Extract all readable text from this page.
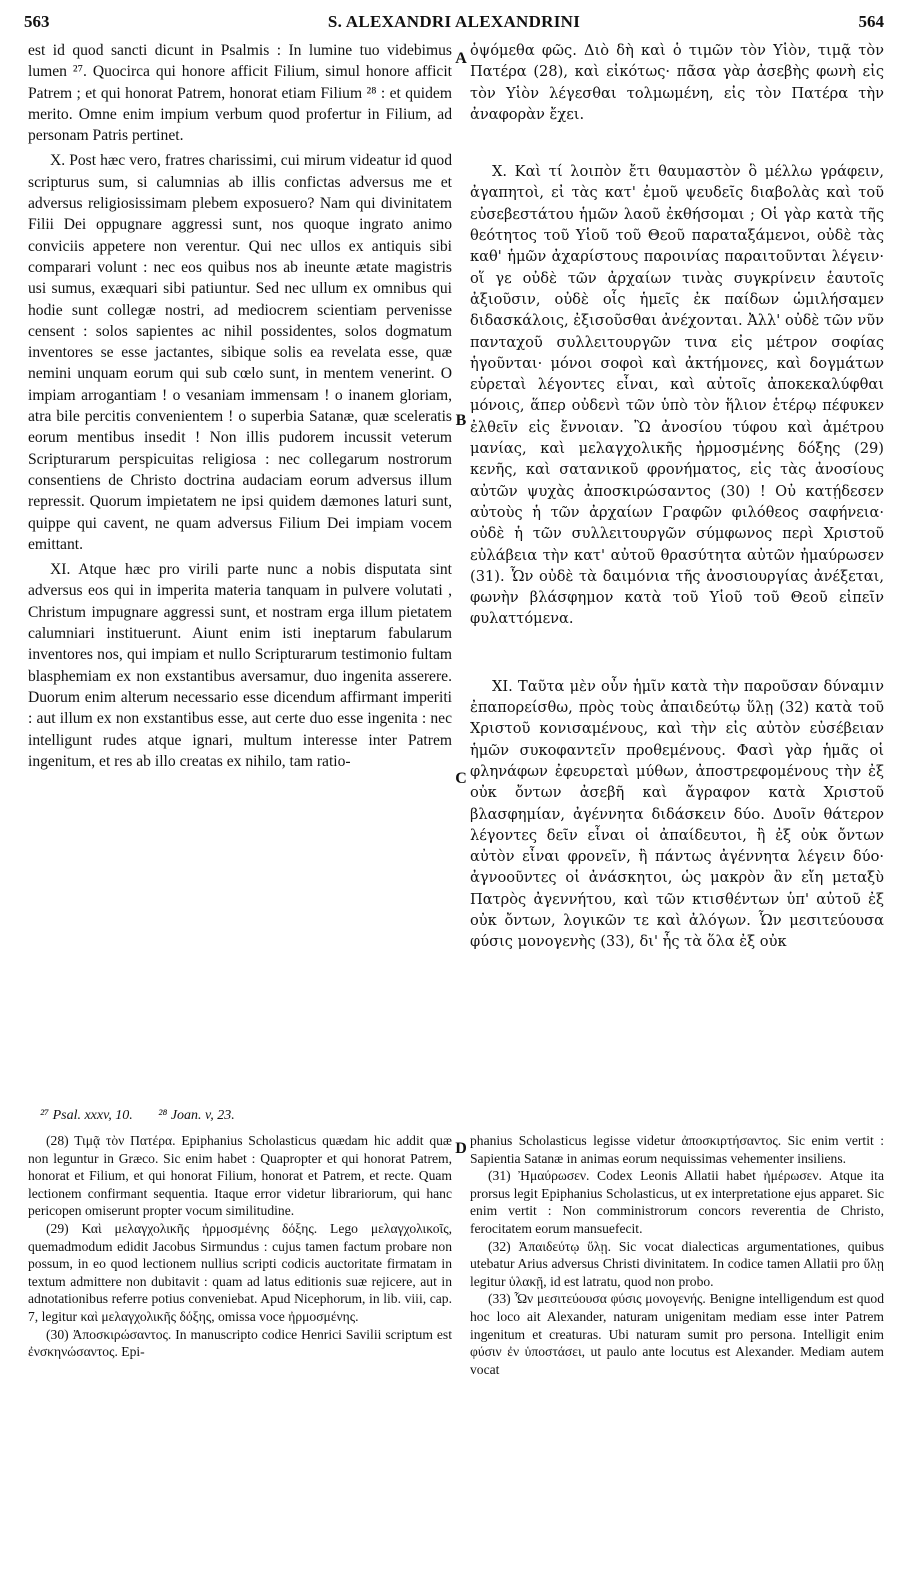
563	S. ALEXANDRI ALEXANDRINI	564

est id quod sancti dicunt in Psalmis : In lumine tuo videbimus lumen ²⁷. Quocirca qui honore afficit Filium, simul honore afficit Patrem ; et qui honorat Patrem, honorat etiam Filium ²⁸ : et quidem merito. Omne enim impium verbum quod profertur in Filium, ad personam Patris pertinet.

X. Post hæc vero, fratres charissimi, cui mirum videatur id quod scripturus sum, si calumnias ab illis confictas adversus me et adversus religiosissimam plebem exposuero? Nam qui divinitatem Filii Dei oppugnare aggressi sunt, nos quoque ingrato animo conviciis appetere non verentur. Qui nec ullos ex antiquis sibi comparari volunt : nec eos quibus nos ab ineunte ætate magistris usi sumus, exæquari sibi patiuntur. Sed nec ullum ex omnibus qui hodie sunt collegæ nostri, ad mediocrem scientiam pervenisse censent : solos sapientes ac nihil possidentes, solos dogmatum inventores se esse jactantes, sibique solis ea revelata esse, quæ nemini unquam eorum qui sub cœlo sunt, in mentem venerint. O impiam arrogantiam ! o vesaniam immensam ! o inanem gloriam, atra bile percitis convenientem ! o superbia Satanæ, quæ sceleratis eorum mentibus insedit ! Non illis pudorem incussit veterum Scripturarum perspicuitas religiosa : nec collegarum nostrorum consentiens de Christo doctrina audaciam eorum adversus illum repressit. Quorum impietatem ne ipsi quidem dæmones laturi sunt, quippe qui cavent, ne quam adversus Filium Dei impiam vocem emittant.

XI. Atque hæc pro virili parte nunc a nobis disputata sint adversus eos qui in imperita materia tanquam in pulvere volutati , Christum impugnare aggressi sunt, et nostram erga illum pietatem calumniari instituerunt. Aiunt enim isti ineptarum fabularum inventores nos, qui impiam et nullo Scripturarum testimonio fultam blasphemiam ex non exstantibus aversamur, duo ingenita asserere. Duorum enim alterum necessario esse dicendum affirmant imperiti : aut illum ex non exstantibus esse, aut certe duo esse ingenita : nec intelligunt rudes atque ignari, multum interesse inter Patrem ingenitum, et res ab illo creatas ex nihilo, tam ratio-

A
B
C
D

ὀψόμεθα φῶς. Διὸ δὴ καὶ ὁ τιμῶν τὸν Υἱὸν, τιμᾷ τὸν Πατέρα (28), καὶ εἰκότως· πᾶσα γὰρ ἀσεβὴς φωνὴ εἰς τὸν Υἱὸν λέγεσθαι τολμωμένη, εἰς τὸν Πατέρα τὴν ἀναφορὰν ἔχει.

X. Καὶ τί λοιπὸν ἔτι θαυμαστὸν ὃ μέλλω γράφειν, ἀγαπητοὶ, εἰ τὰς κατ' ἐμοῦ ψευδεῖς διαβολὰς καὶ τοῦ εὐσεβεστάτου ἡμῶν λαοῦ ἐκθήσομαι ; Οἱ γὰρ κατὰ τῆς θεότητος τοῦ Υἱοῦ τοῦ Θεοῦ παραταξάμενοι, οὐδὲ τὰς καθ' ἡμῶν ἀχαρίστους παροινίας παραιτοῦνται λέγειν· οἵ γε οὐδὲ τῶν ἀρχαίων τινὰς συγκρίνειν ἑαυτοῖς ἀξιοῦσιν, οὐδὲ οἷς ἡμεῖς ἐκ παίδων ὡμιλήσαμεν διδασκάλοις, ἐξισοῦσθαι ἀνέχονται. Ἀλλ' οὐδὲ τῶν νῦν πανταχοῦ συλλειτουργῶν τινα εἰς μέτρον σοφίας ἡγοῦνται· μόνοι σοφοὶ καὶ ἀκτήμονες, καὶ δογμάτων εὑρεταὶ λέγοντες εἶναι, καὶ αὐτοῖς ἀποκεκαλύφθαι μόνοις, ἅπερ οὐδενὶ τῶν ὑπὸ τὸν ἥλιον ἑτέρῳ πέφυκεν ἐλθεῖν εἰς ἔννοιαν. Ὢ ἀνοσίου τύφου καὶ ἀμέτρου μανίας, καὶ μελαγχολικῆς ἠρμοσμένης δόξης (29) κενῆς, καὶ σατανικοῦ φρονήματος, εἰς τὰς ἀνοσίους αὐτῶν ψυχὰς ἀποσκιρώσαντος (30) ! Οὐ κατῄδεσεν αὐτοὺς ἡ τῶν ἀρχαίων Γραφῶν φιλόθεος σαφήνεια· οὐδὲ ἡ τῶν συλλειτουργῶν σύμφωνος περὶ Χριστοῦ εὐλάβεια τὴν κατ' αὐτοῦ θρασύτητα αὐτῶν ἠμαύρωσεν (31). Ὧν οὐδὲ τὰ δαιμόνια τῆς ἀνοσιουργίας ἀνέξεται, φωνὴν βλάσφημον κατὰ τοῦ Υἱοῦ τοῦ Θεοῦ εἰπεῖν φυλαττόμενα.

XI. Ταῦτα μὲν οὖν ἡμῖν κατὰ τὴν παροῦσαν δύναμιν ἐπαπορείσθω, πρὸς τοὺς ἀπαιδεύτῳ ὕλῃ (32) κατὰ τοῦ Χριστοῦ κονισαμένους, καὶ τὴν εἰς αὐτὸν εὐσέβειαν ἡμῶν συκοφαντεῖν προθεμένους. Φασὶ γὰρ ἡμᾶς οἱ φληνάφων ἐφευρεταὶ μύθων, ἀποστρεφομένους τὴν ἐξ οὐκ ὄντων ἀσεβῆ καὶ ἄγραφον κατὰ Χριστοῦ βλασφημίαν, ἀγέννητα διδάσκειν δύο. Δυοῖν θάτερον λέγοντες δεῖν εἶναι οἱ ἀπαίδευτοι, ἢ ἐξ οὐκ ὄντων αὐτὸν εἶναι φρονεῖν, ἢ πάντως ἀγέννητα λέγειν δύο· ἀγνοοῦντες οἱ ἀνάσκητοι, ὡς μακρὸν ἂν εἴη μεταξὺ Πατρὸς ἀγεννήτου, καὶ τῶν κτισθέντων ὑπ' αὐτοῦ ἐξ οὐκ ὄντων, λογικῶν τε καὶ ἀλόγων. Ὧν μεσιτεύουσα φύσις μονογενὴς (33), δι' ἧς τὰ ὅλα ἐξ οὐκ

²⁷ Psal. xxxv, 10. ²⁸ Joan. v, 23.

(28) Τιμᾷ τὸν Πατέρα. Epiphanius Scholasticus quædam hic addit quæ non leguntur in Græco. Sic enim habet : Quapropter et qui honorat Patrem, honorat et Filium, et qui honorat Filium, honorat et Patrem, et recte. Quam lectionem confirmant sequentia. Itaque error videtur librariorum, qui hanc pericopen omiserunt propter vocum similitudine.

(29) Καὶ μελαγχολικῆς ἠρμοσμένης δόξης. Lego μελαγχολικοῖς, quemadmodum edidit Jacobus Sirmundus : cujus tamen factum probare non possum, in eo quod lectionem nullius scripti codicis auctoritate firmatam in textum admittere non dubitavit : quam ad latus editionis suæ rejicere, aut in adnotationibus referre potius conveniebat. Apud Nicephorum, in lib. viii, cap. 7, legitur καὶ μελαγχολικῆς δόξης, omissa voce ἠρμοσμένης.

(30) Ἀποσκιρώσαντος. In manuscripto codice Henrici Savilii scriptum est ἐνσκηνώσαντος. Epi-

phanius Scholasticus legisse videtur ἀποσκιρτήσαντος. Sic enim vertit : Sapientia Satanæ in animas eorum nequissimas vehementer insiliens.

(31) Ἠμαύρωσεν. Codex Leonis Allatii habet ἠμέρωσεν. Atque ita prorsus legit Epiphanius Scholasticus, ut ex interpretatione ejus apparet. Sic enim vertit : Non comministrorum concors reverentia de Christo, ferocitatem eorum mansuefecit.

(32) Ἀπαιδεύτῳ ὕλῃ. Sic vocat dialecticas argumentationes, quibus utebatur Arius adversus Christi divinitatem. In codice tamen Allatii pro ὕλῃ legitur ὑλακῇ, id est latratu, quod non probo.

(33) Ὧν μεσιτεύουσα φύσις μονογενής. Benigne intelligendum est quod hoc loco ait Alexander, naturam unigenitam mediam esse inter Patrem ingenitum et creaturas. Ubi naturam sumit pro persona. Intelligit enim φύσιν ἐν ὑποστάσει, ut paulo ante locutus est Alexander. Mediam autem vocat
